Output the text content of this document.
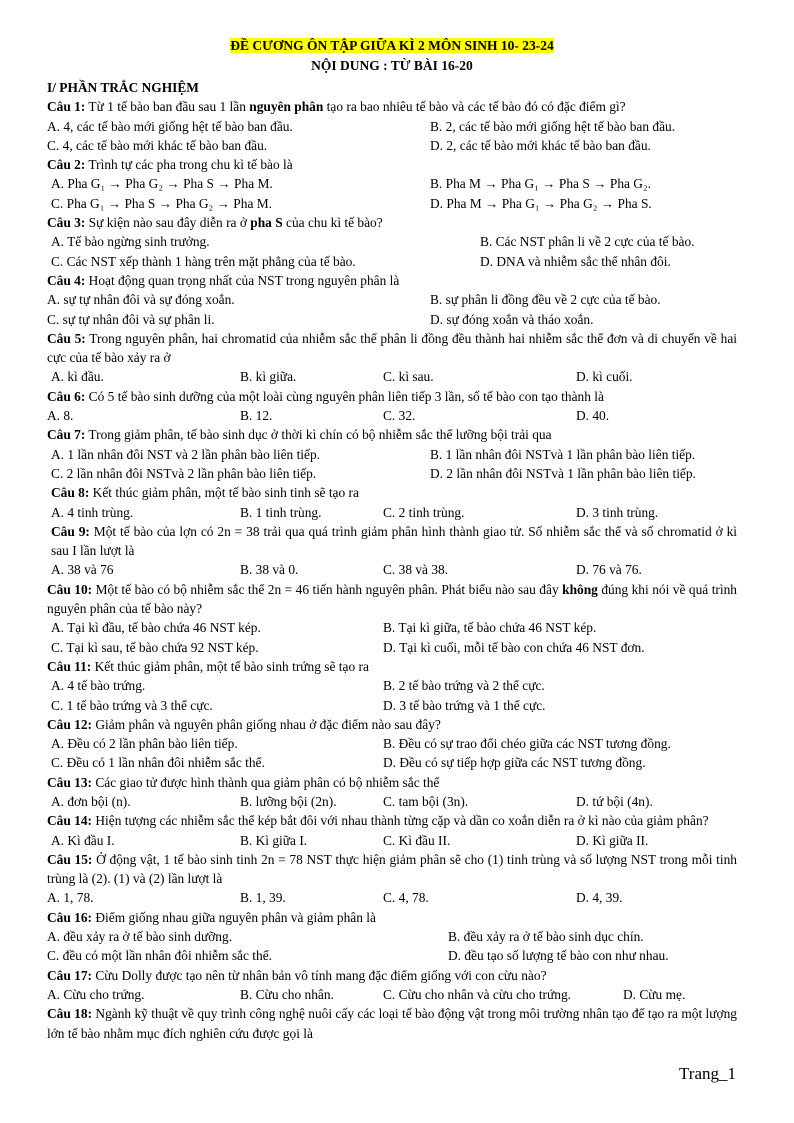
ĐỀ CƯƠNG ÔN TẬP GIỮA KÌ 2 MÔN SINH 10- 23-24
NỘI DUNG : TỪ BÀI 16-20
I/ PHẦN TRẮC NGHIỆM
Câu 1: Từ 1 tế bào ban đầu sau 1 lần nguyên phân tạo ra bao nhiêu tế bào và các tế bào đó có đặc điểm gì?
A. 4, các tế bào mới giống hệt tế bào ban đầu.	B. 2, các tế bào mới giống hệt tế bào ban đầu.
C. 4, các tế bào mới khác tế bào ban đầu.	D. 2, các tế bào mới khác tế bào ban đầu.
Câu 2: Trình tự các pha trong chu kì tế bào là
A. Pha G₁ → Pha G₂ → Pha S → Pha M.	B. Pha M → Pha G₁ → Pha S → Pha G₂.
C. Pha G₁ → Pha S → Pha G₂ → Pha M.	D. Pha M → Pha G₁ → Pha G₂ → Pha S.
Câu 3: Sự kiện nào sau đây diễn ra ở pha S của chu kì tế bào?
A. Tế bào ngừng sinh trưởng.	B. Các NST phân li về 2 cực của tế bào.
C. Các NST xếp thành 1 hàng trên mặt phẳng của tế bào.	D. DNA và nhiễm sắc thể nhân đôi.
Câu 4: Hoạt động quan trọng nhất của NST trong nguyên phân là
A. sự tự nhân đôi và sự đóng xoắn.	B. sự phân li đồng đều về 2 cực của tế bào.
C. sự tự nhân đôi và sự phân li.	D. sự đóng xoắn và tháo xoắn.
Câu 5: Trong nguyên phân, hai chromatid của nhiễm sắc thể phân li đồng đều thành hai nhiễm sắc thể đơn và di chuyển về hai cực của tế bào xảy ra ở
A. kì đầu.	B. kì giữa.	C. kì sau.	D. kì cuối.
Câu 6: Có 5 tế bào sinh dưỡng của một loài cùng nguyên phân liên tiếp 3 lần, số tế bào con tạo thành là
A. 8.	B. 12.	C. 32.	D. 40.
Câu 7: Trong giảm phân, tế bào sinh dục ở thời kì chín có bộ nhiễm sắc thể lưỡng bội trải qua
A. 1 lần nhân đôi NST và 2 lần phân bào liên tiếp.	B. 1 lần nhân đôi NSTvà 1 lần phân bào liên tiếp.
C. 2 lần nhân đôi NSTvà 2 lần phân bào liên tiếp.	D. 2 lần nhân đôi NSTvà 1 lần phân bào liên tiếp.
Câu 8: Kết thúc giảm phân, một tế bào sinh tinh sẽ tạo ra
A. 4 tinh trùng.	B. 1 tinh trùng.	C. 2 tinh trùng.	D. 3 tinh trùng.
Câu 9: Một tế bào của lợn có 2n = 38 trải qua quá trình giảm phân hình thành giao tử. Số nhiễm sắc thể và số chromatid ở kì sau I lần lượt là
A. 38 và 76	B. 38 và 0.	C. 38 và 38.	D. 76 và 76.
Câu 10: Một tế bào có bộ nhiễm sắc thể 2n = 46 tiến hành nguyên phân. Phát biểu nào sau đây không đúng khi nói về quá trình nguyên phân của tế bào này?
A. Tại kì đầu, tế bào chứa 46 NST kép.	B. Tại kì giữa, tế bào chứa 46 NST kép.
C. Tại kì sau, tế bào chứa 92 NST kép.	D. Tại kì cuối, mỗi tế bào con chứa 46 NST đơn.
Câu 11: Kết thúc giảm phân, một tế bào sinh trứng sẽ tạo ra
A. 4 tế bào trứng.	B. 2 tế bào trứng và 2 thể cực.
C. 1 tế bào trứng và 3 thể cực.	D. 3 tế bào trứng và 1 thể cực.
Câu 12: Giảm phân và nguyên phân giống nhau ở đặc điểm nào sau đây?
A. Đều có 2 lần phân bào liên tiếp.	B. Đều có sự trao đổi chéo giữa các NST tương đồng.
C. Đều có 1 lần nhân đôi nhiễm sắc thể.	D. Đều có sự tiếp hợp giữa các NST tương đồng.
Câu 13: Các giao tử được hình thành qua giảm phân có bộ nhiễm sắc thể
A. đơn bội (n).	B. lưỡng bội (2n).	C. tam bội (3n).	D. tứ bội (4n).
Câu 14: Hiện tượng các nhiễm sắc thể kép bắt đôi với nhau thành từng cặp và dần co xoắn diễn ra ở kì nào của giảm phân?
A. Kì đầu I.	B. Kì giữa I.	C. Kì đầu II.	D. Kì giữa II.
Câu 15: Ở động vật, 1 tế bào sinh tinh 2n = 78 NST thực hiện giảm phân sẽ cho (1) tinh trùng và số lượng NST trong mỗi tinh trùng là (2). (1) và (2) lần lượt là
A. 1, 78.	B. 1, 39.	C. 4, 78.	D. 4, 39.
Câu 16: Điểm giống nhau giữa nguyên phân và giảm phân là
A. đều xảy ra ở tế bào sinh dưỡng.	B. đều xảy ra ở tế bào sinh dục chín.
C. đều có một lần nhân đôi nhiễm sắc thể.	D. đều tạo số lượng tế bào con như nhau.
Câu 17: Cừu Dolly được tạo nên từ nhân bản vô tính mang đặc điểm giống với con cừu nào?
A. Cừu cho trứng.	B. Cừu cho nhân.	C. Cừu cho nhân và cừu cho trứng.	D. Cừu mẹ.
Câu 18: Ngành kỹ thuật về quy trình công nghệ nuôi cấy các loại tế bào động vật trong môi trường nhân tạo để tạo ra một lượng lớn tế bào nhằm mục đích nghiên cứu được gọi là
Trang_1
